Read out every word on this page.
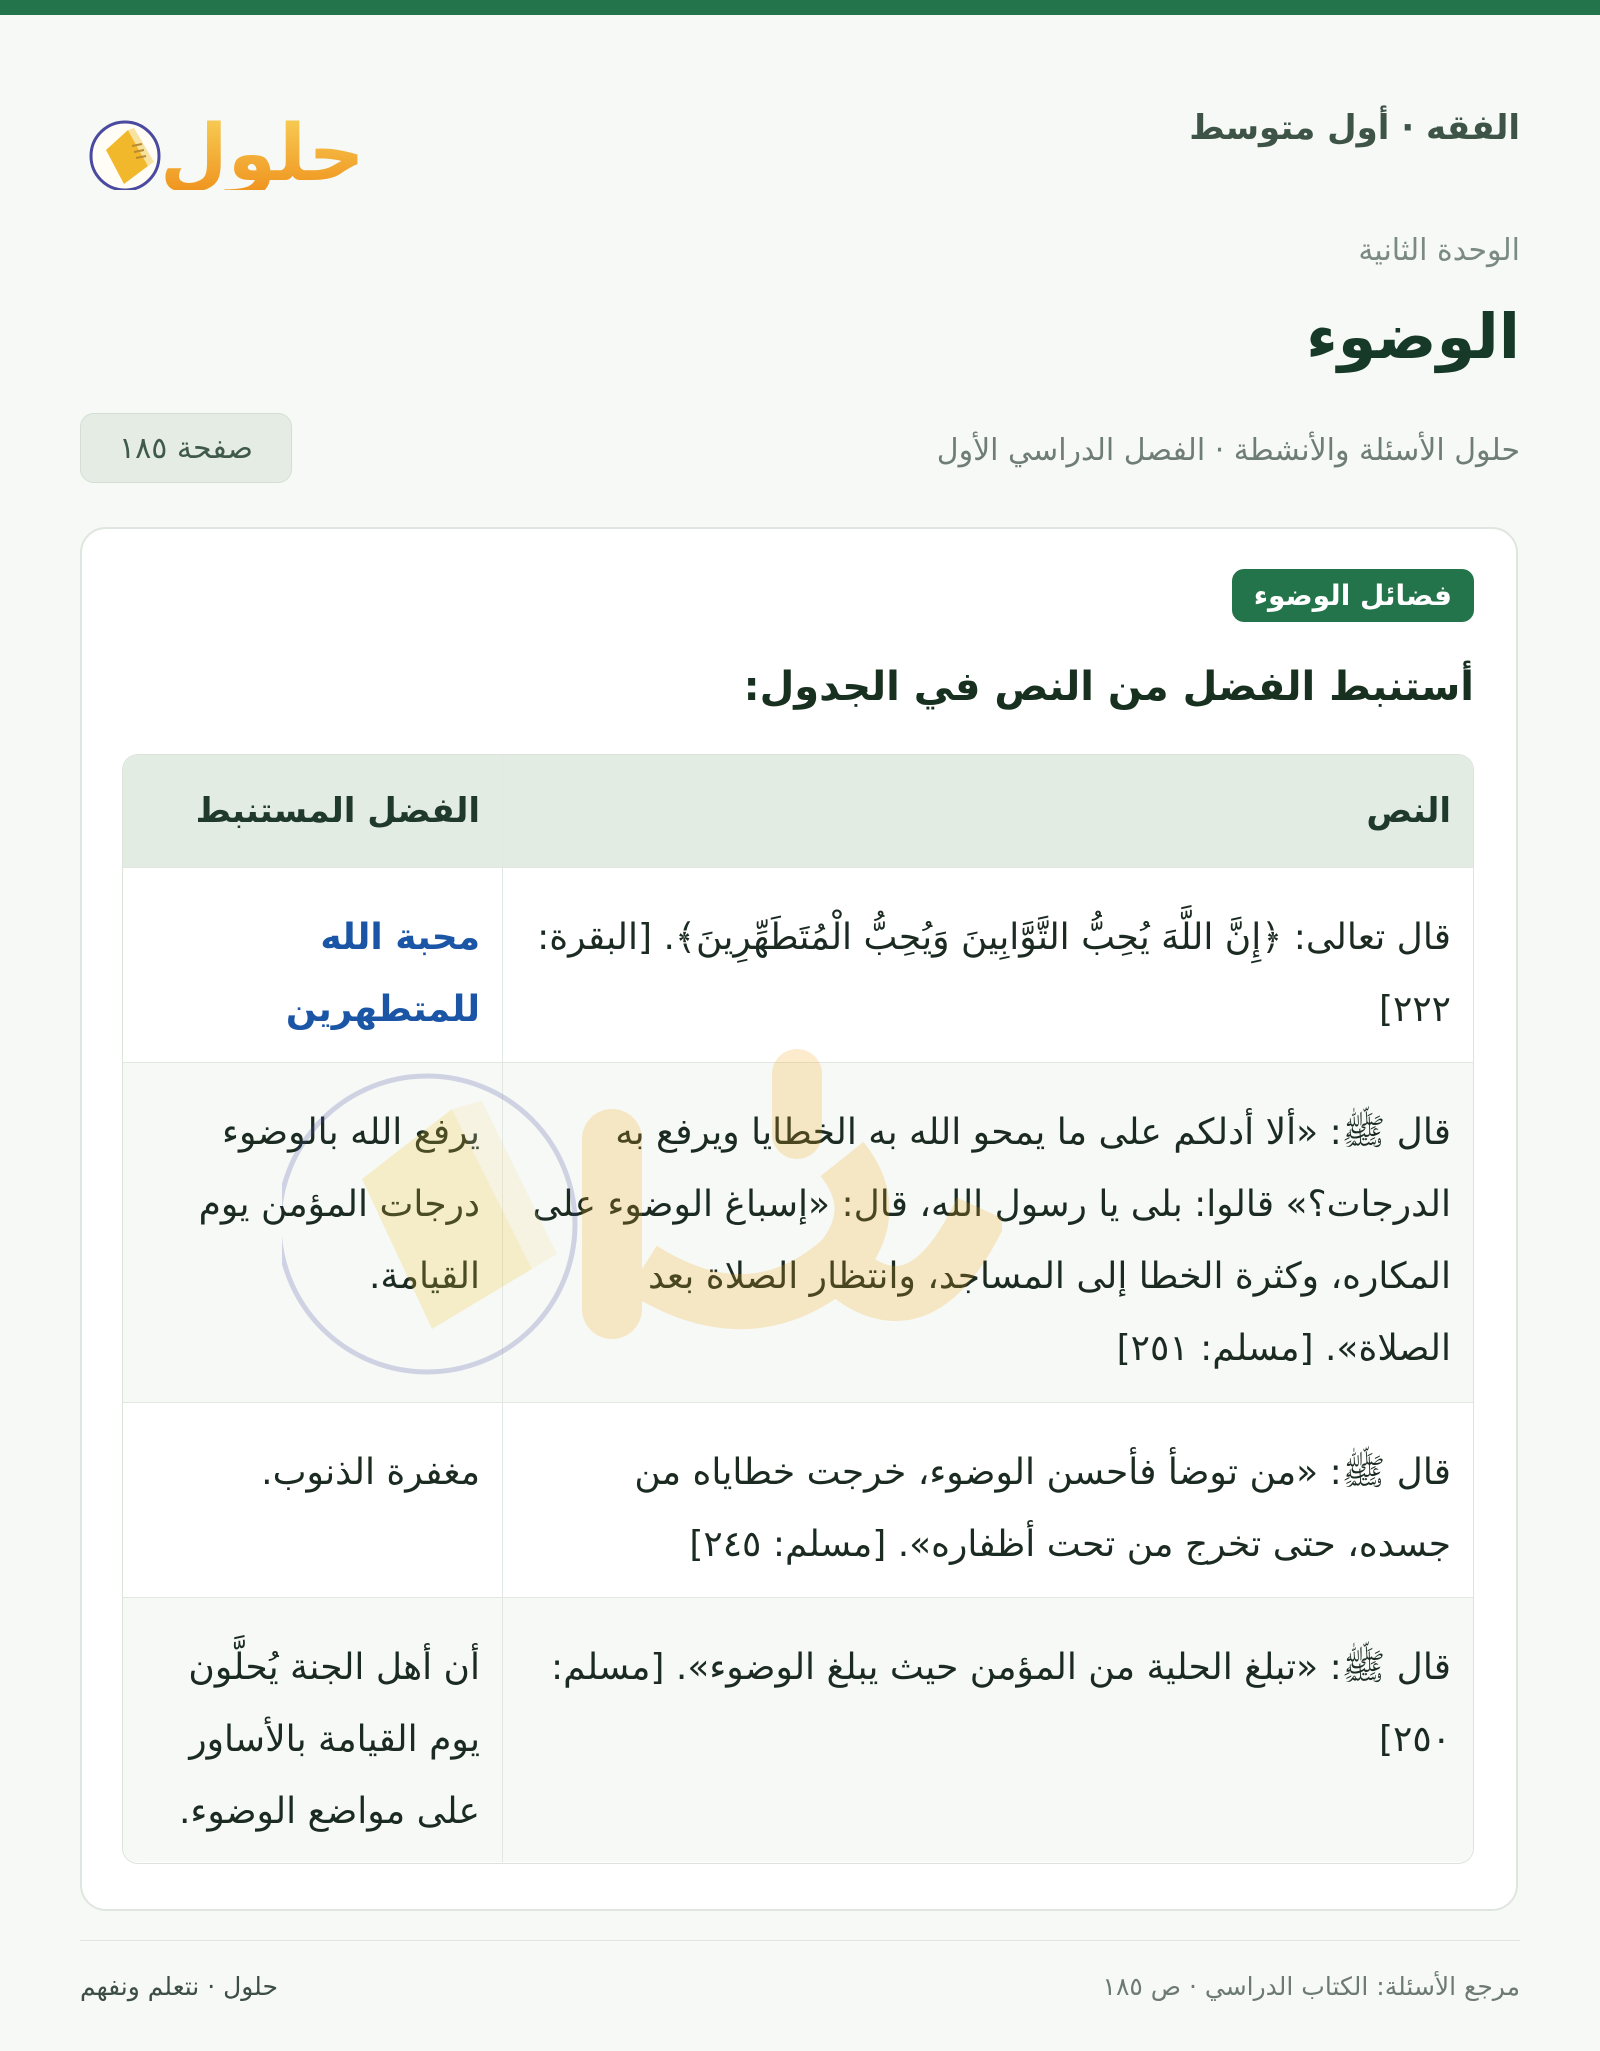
الفقه · أول متوسط
حلول
الوحدة الثانية
الوضوء
حلول الأسئلة والأنشطة · الفصل الدراسي الأول
صفحة ١٨٥
فضائل الوضوء
أستنبط الفضل من النص في الجدول:
النص	الفضل المستنبط
قال تعالى: ﴿إِنَّ اللَّهَ يُحِبُّ التَّوَّابِينَ وَيُحِبُّ الْمُتَطَهِّرِينَ﴾. [البقرة: ٢٢٢]	محبة الله للمتطهرين
قال ﷺ: «ألا أدلكم على ما يمحو الله به الخطايا ويرفع به الدرجات؟» قالوا: بلى يا رسول الله، قال: «إسباغ الوضوء على المكاره، وكثرة الخطا إلى المساجد، وانتظار الصلاة بعد الصلاة». [مسلم: ٢٥١]	يرفع الله بالوضوء درجات المؤمن يوم القيامة.
قال ﷺ: «من توضأ فأحسن الوضوء، خرجت خطاياه من جسده، حتى تخرج من تحت أظفاره». [مسلم: ٢٤٥]	مغفرة الذنوب.
قال ﷺ: «تبلغ الحلية من المؤمن حيث يبلغ الوضوء». [مسلم: ٢٥٠]	أن أهل الجنة يُحلَّون يوم القيامة بالأساور على مواضع الوضوء.
مرجع الأسئلة: الكتاب الدراسي · ص ١٨٥
حلول · نتعلم ونفهم
